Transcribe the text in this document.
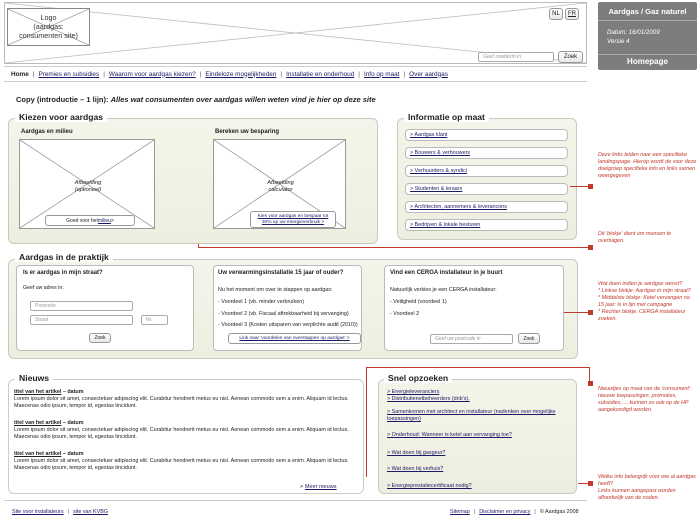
Logo
(aardgas:
consumenten site)
NL	FR
Geef zoekterm in	Zoek
Aardgas / Gaz naturel
Datum: 16/01/2009
Versie 4
Homepage
Home | Premies en subsidies | Waarom voor aardgas kiezen? | Eindeloze mogelijkheden | Installatie en onderhoud | Info op maat | Over aardgas
Copy (introductie – 1 lijn): Alles wat consumenten over aardgas willen weten vind je hier op deze site
Kiezen voor aardgas
Aardgas en milieu
Afbeelding
(optioneel)
Goed voor het milieu >
Bereken uw besparing
Afbeelding
calculator
Kies voor aardgas en bespaar tot 30% op uw energieverbruik >
Informatie op maat
> Aardgas klant
> Bouwers & verbouwers
> Verhuurders & syndici
> Studenten & leraars
> Architecten, aannemers & leveranciers
> Bedrijven & lokale besturen
Aardgas in de praktijk
Is er aardgas in mijn straat?
Geef uw adres in:
Postcode
Straat	Nr.
Zoek
Uw verwarmingsinstallatie 15 jaar of ouder?
Nu het moment om over te stappen op aardgas:
- Voordeel 1 (vb. minder verbruiken)
- Voordeel 2 (vb. Fiscaal aftrekbaarheid bij vervanging)
- Voordeel 3 (Kosten uitsparen van verplichte audit (2010))
Link naar 'voordelen van overstappen op aardgas' >
Vind een CERGA installateur in je buurt
Natuurlijk verkies je een CERGA installateur:
- Veiligheid (voordeel 1)
- Voordeel 2
Geef uw postcode in	Zoek
Nieuws
titel van het artikel – datum
Lorem ipsum dolor sit amet, consectetuer adipiscing elit. Curabitur hendrerit metus eu nisl. Aenean commodo sem a enim. Aliquam id lectus. Maecenas odio ipsum, tempor id, egestas tincidunt.
titel van het artikel – datum
Lorem ipsum dolor sit amet, consectetuer adipiscing elit. Curabitur hendrerit metus eu nisl. Aenean commodo sem a enim. Aliquam id lectus. Maecenas odio ipsum, tempor id, egestas tincidunt.
titel van het artikel – datum
Lorem ipsum dolor sit amet, consectetuer adipiscing elit. Curabitur hendrerit metus eu nisl. Aenean commodo sem a enim. Aliquam id lectus. Maecenas odio ipsum, tempor id, egestas tincidunt.
> Meer nieuws
Snel opzoeken
> Energieleveranciers
> Distributienetbeheerders (dnb's).
> Samenkomen met architect en installateur (nadenken over mogelijke toepassingen)
> Onderhoud: Wanneer is ketel aan vervanging toe?
> Wat doen bij gasgeur?
> Wat doen bij verhuis?
> Energieprestatiecertificaat nodig?
Site voor installateurs | site van KVBG	Sitemap | Disclaimer en privacy | © Aardgas 2008
Deze links leiden naar een specifieke landingspage. Hierop wordt de voor deze doelgroep specifieke info en links samen weergegeven
Dit 'blokje' dient om mensen te overtuigen.
Wat doen indien je aardgas wenst?
* Linkse blokje: Aardgas in mijn straat?
* Middelste blokje: Ketel vervangen na 15 jaar: is in lijn met campagne
* Rechter blokje: CERGA installateur zoeken.
Nieuwtjes op maat van de 'consument': nieuwe toepassingen, promoties, subsidies, ... kunnen zo ook op de HP aangekondigd worden.
Welke info belangrijk voor wie al aardgas heeft?
Links kunnen aangepast worden afhankelijk van de noden.
